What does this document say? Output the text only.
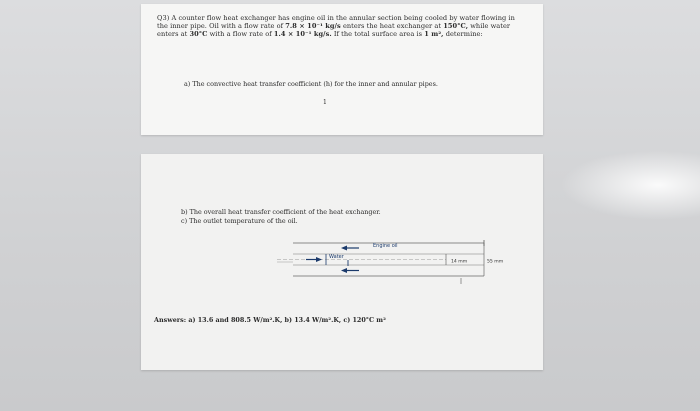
Q3) A counter flow heat exchanger has engine oil in the annular section being cooled by water flowing in the inner pipe. Oil with a flow rate of 7.8 × 10⁻¹ kg/s enters the heat exchanger at 150°C, while water enters at 30°C with a flow rate of 1.4 × 10⁻¹ kg/s. If the total surface area is 1 m², determine:
a) The convective heat transfer coefficient (h) for the inner and annular pipes.
1
b) The overall heat transfer coefficient of the heat exchanger.
c) The outlet temperature of the oil.
Engine oil
Water
14 mm	55 mm
Answers: a) 13.6 and 808.5 W/m².K, b) 13.4 W/m².K, c) 120°C m²
